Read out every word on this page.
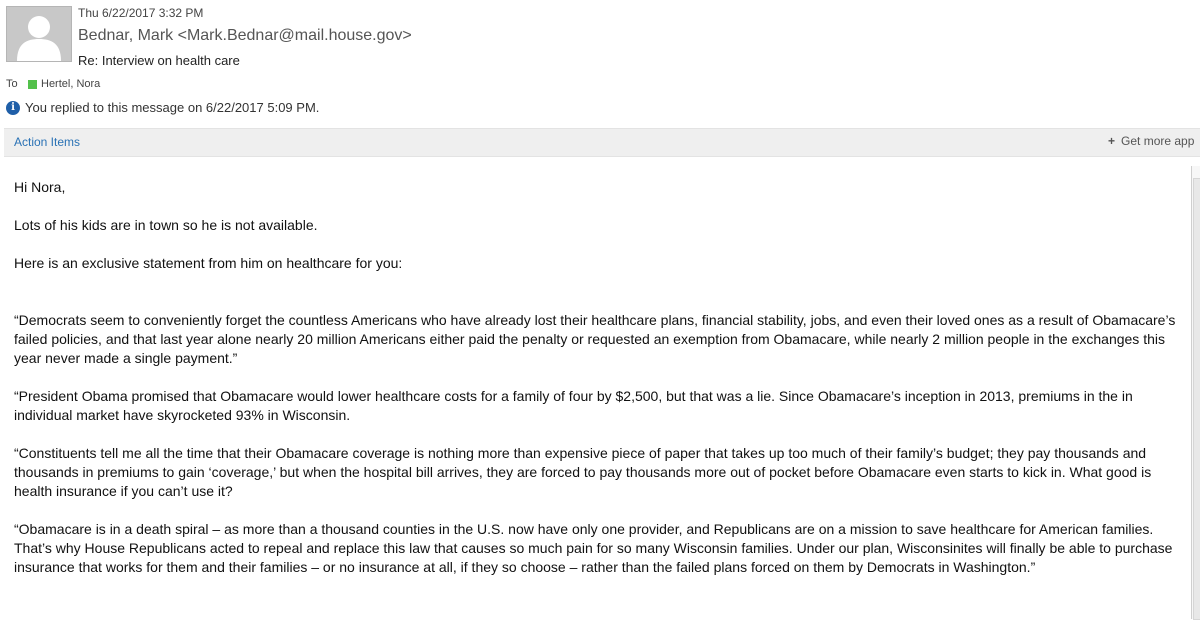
Thu 6/22/2017 3:32 PM
Bednar, Mark <Mark.Bednar@mail.house.gov>
Re: Interview on health care
To	Hertel, Nora
i You replied to this message on 6/22/2017 5:09 PM.
Action Items	+ Get more app

Hi Nora,

Lots of his kids are in town so he is not available.

Here is an exclusive statement from him on healthcare for you:

“Democrats seem to conveniently forget the countless Americans who have already lost their healthcare plans, financial stability, jobs, and even their loved ones as a result of Obamacare’s failed policies, and that last year alone nearly 20 million Americans either paid the penalty or requested an exemption from Obamacare, while nearly 2 million people in the exchanges this year never made a single payment.”

“President Obama promised that Obamacare would lower healthcare costs for a family of four by $2,500, but that was a lie. Since Obamacare’s inception in 2013, premiums in the in individual market have skyrocketed 93% in Wisconsin.

“Constituents tell me all the time that their Obamacare coverage is nothing more than expensive piece of paper that takes up too much of their family’s budget; they pay thousands and thousands in premiums to gain ‘coverage,’ but when the hospital bill arrives, they are forced to pay thousands more out of pocket before Obamacare even starts to kick in. What good is health insurance if you can’t use it?

“Obamacare is in a death spiral – as more than a thousand counties in the U.S. now have only one provider, and Republicans are on a mission to save healthcare for American families. That’s why House Republicans acted to repeal and replace this law that causes so much pain for so many Wisconsin families. Under our plan, Wisconsinites will finally be able to purchase insurance that works for them and their families – or no insurance at all, if they so choose – rather than the failed plans forced on them by Democrats in Washington.”
